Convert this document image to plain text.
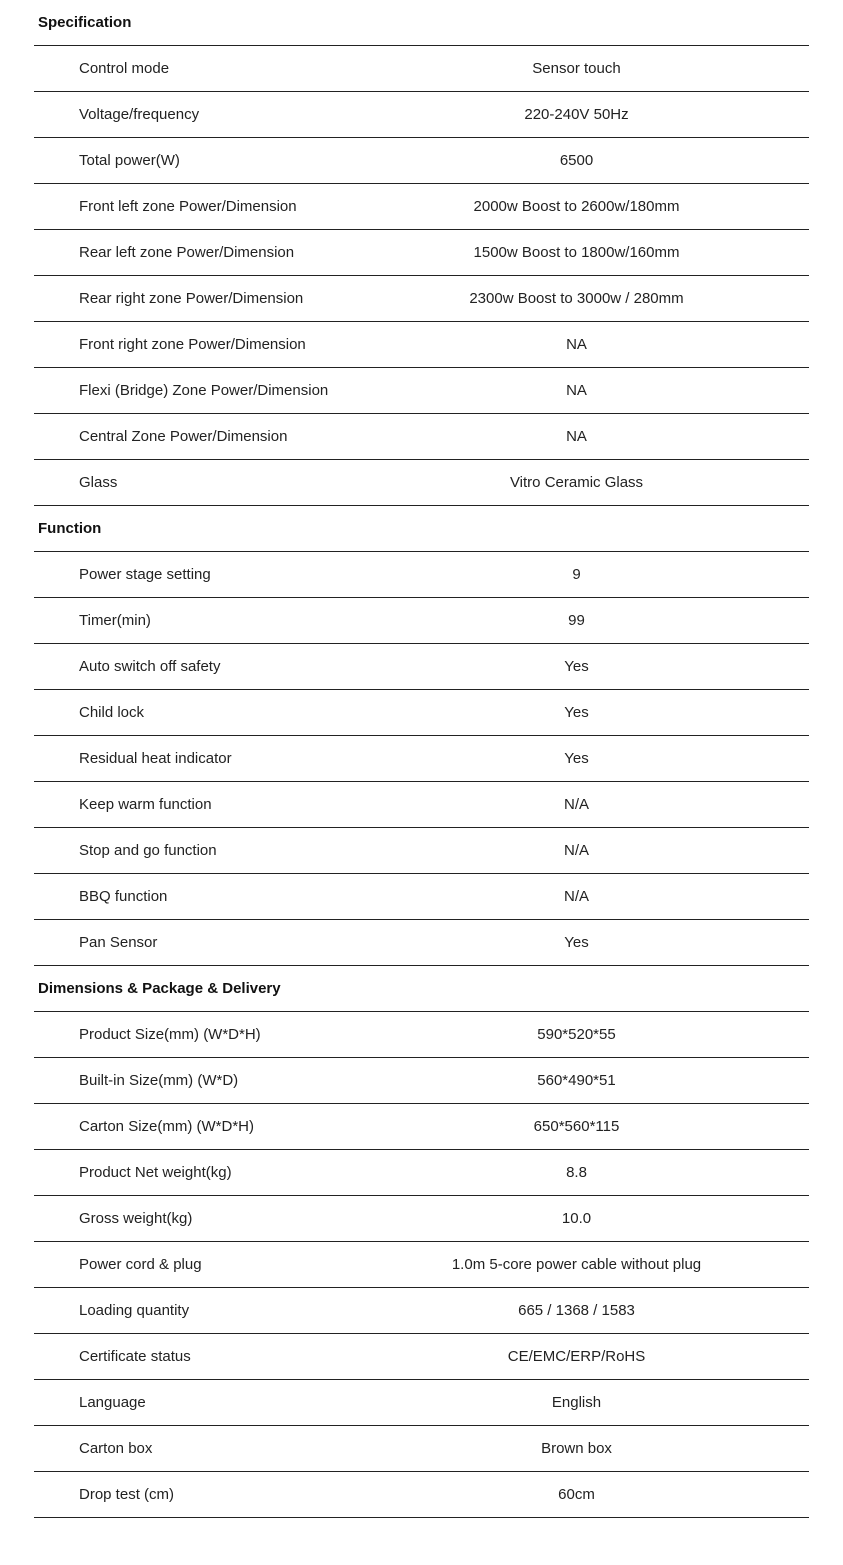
Specification
Control mode	Sensor touch
Voltage/frequency	220-240V 50Hz
Total power(W)	6500
Front left zone Power/Dimension	2000w Boost to 2600w/180mm
Rear left zone Power/Dimension	1500w Boost to 1800w/160mm
Rear right zone Power/Dimension	2300w Boost to 3000w / 280mm
Front right zone Power/Dimension	NA
Flexi (Bridge) Zone Power/Dimension	NA
Central Zone Power/Dimension	NA
Glass	Vitro Ceramic Glass
Function
Power stage setting	9
Timer(min)	99
Auto switch off safety	Yes
Child lock	Yes
Residual heat indicator	Yes
Keep warm function	N/A
Stop and go function	N/A
BBQ function	N/A
Pan Sensor	Yes
Dimensions & Package & Delivery
Product Size(mm) (W*D*H)	590*520*55
Built-in Size(mm) (W*D)	560*490*51
Carton Size(mm) (W*D*H)	650*560*115
Product Net weight(kg)	8.8
Gross weight(kg)	10.0
Power cord & plug	1.0m 5-core power cable without plug
Loading quantity	665 / 1368 / 1583
Certificate status	CE/EMC/ERP/RoHS
Language	English
Carton box	Brown box
Drop test (cm)	60cm
